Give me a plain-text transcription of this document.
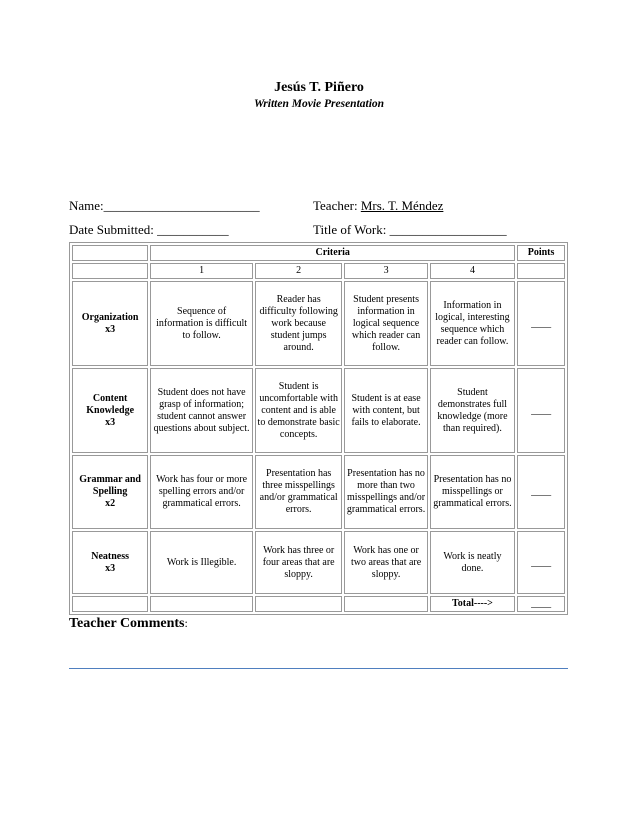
Jesús T. Piñero
Written Movie Presentation
Name:________________________	Teacher: Mrs. T. Méndez
Date Submitted: ___________	Title of Work: __________________
	Criteria				Points
	1	2	3	4	
Organization
x3	Sequence of information is difficult to follow.	Reader has difficulty following work because student jumps around.	Student presents information in logical sequence which reader can follow.	Information in logical, interesting sequence which reader can follow.	____
Content
Knowledge
x3	Student does not have grasp of information; student cannot answer questions about subject.	Student is uncomfortable with content and is able to demonstrate basic concepts.	Student is at ease with content, but fails to elaborate.	Student demonstrates full knowledge (more than required).	____
Grammar and
Spelling
x2	Work has four or more spelling errors and/or grammatical errors.	Presentation has three misspellings and/or grammatical errors.	Presentation has no more than two misspellings and/or grammatical errors.	Presentation has no misspellings or grammatical errors.	____
Neatness
x3	Work is Illegible.	Work has three or four areas that are sloppy.	Work has one or two areas that are sloppy.	Work is neatly done.	____
				Total---->	____
Teacher Comments:
